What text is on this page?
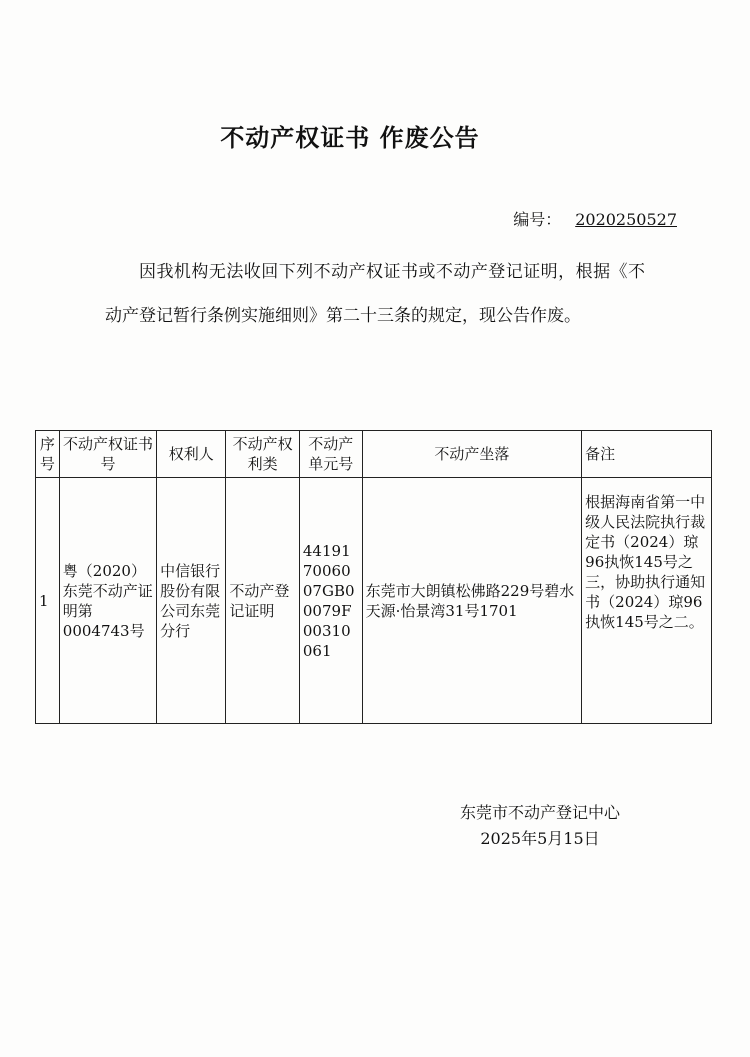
不动产权证书 作废公告
编号： 2020250527
因我机构无法收回下列不动产权证书或不动产登记证明，根据《不动产登记暂行条例实施细则》第二十三条的规定，现公告作废。
序号	不动产权证书号	权利人	不动产权利类	不动产单元号	不动产坐落	备注
1	粤（2020）东莞不动产证明第0004743号	中信银行股份有限公司东莞分行	不动产登记证明	441917006007GB00079F00310061	东莞市大朗镇松佛路229号碧水天源·怡景湾31号1701	根据海南省第一中级人民法院执行裁定书（2024）琼96执恢145号之三，协助执行通知书（2024）琼96执恢145号之二。
东莞市不动产登记中心
2025年5月15日
